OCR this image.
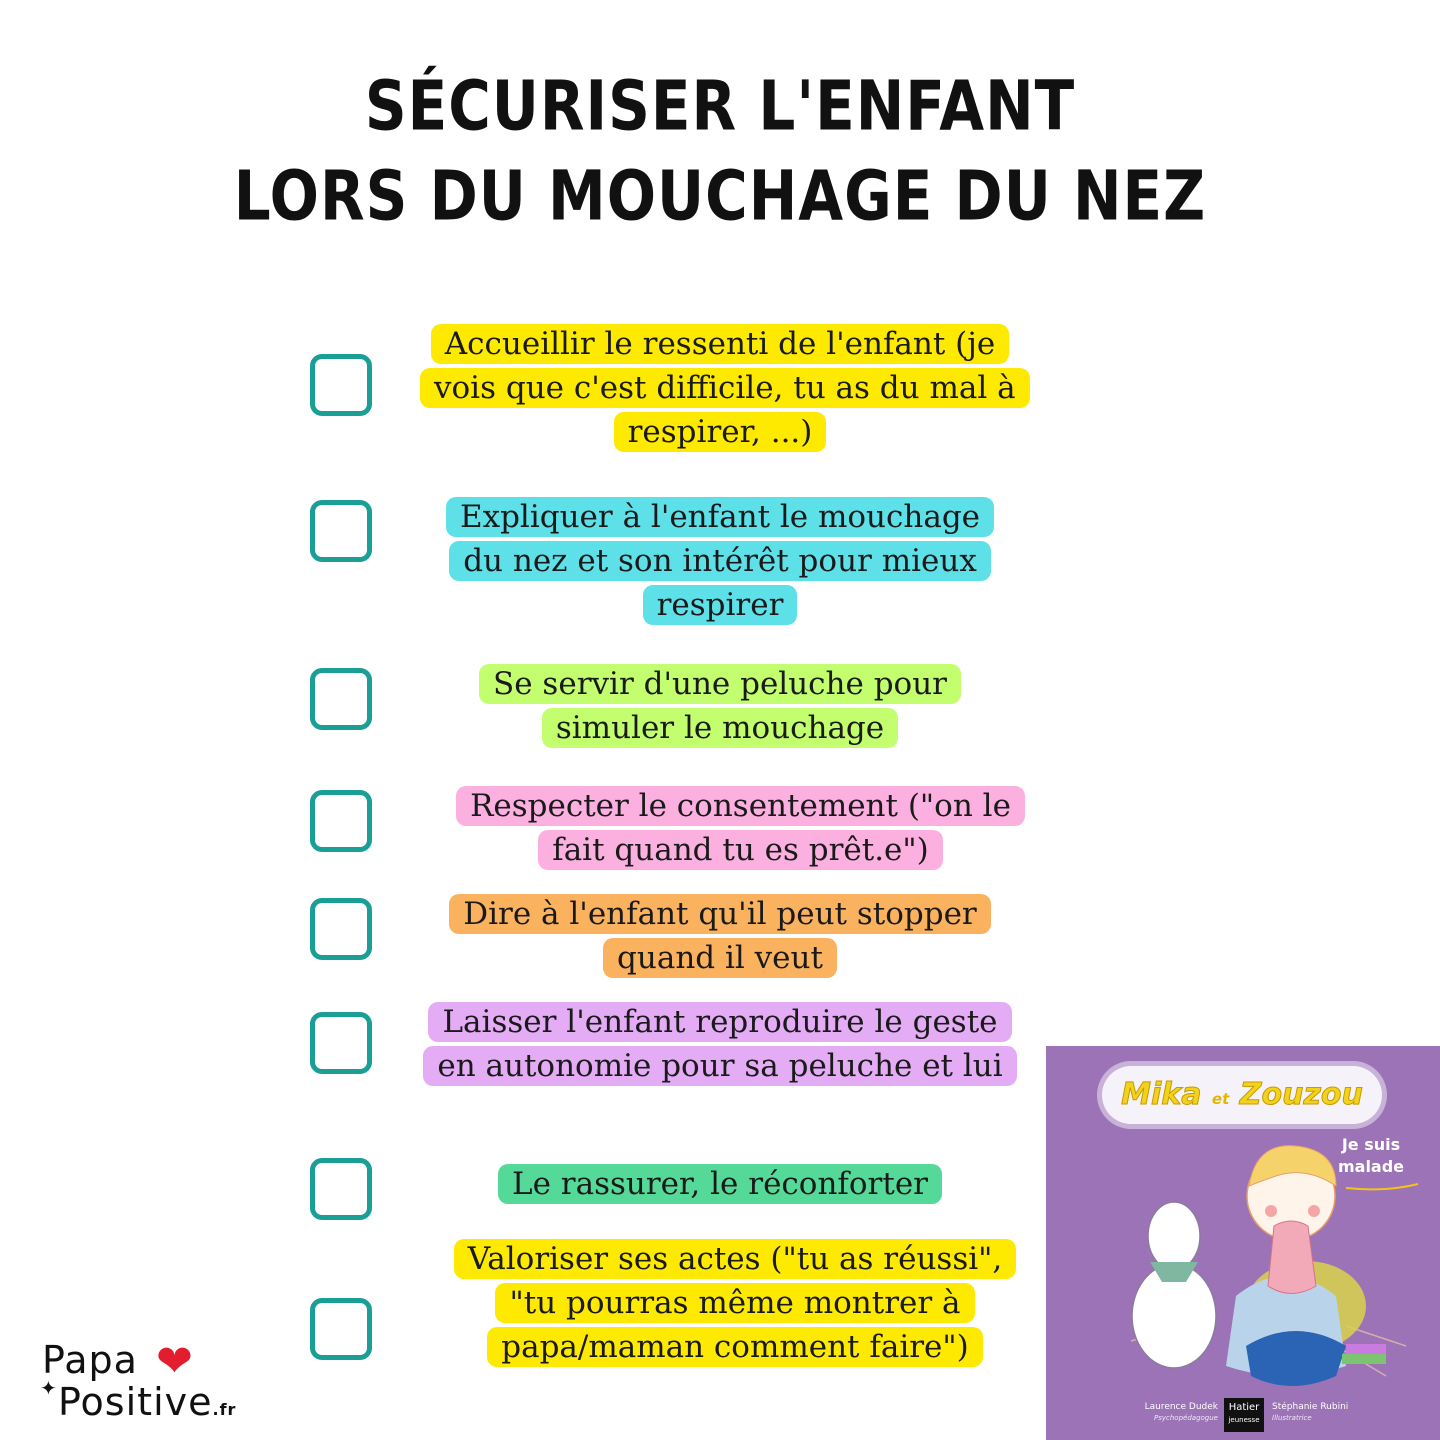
SÉCURISER L'ENFANT
LORS DU MOUCHAGE DU NEZ
Accueillir le ressenti de l'enfant (je vois que c'est difficile, tu as du mal à respirer, ...)
Expliquer à l'enfant le mouchage du nez et son intérêt pour mieux respirer
Se servir d'une peluche pour simuler le mouchage
Respecter le consentement ("on le fait quand tu es prêt.e")
Dire à l'enfant qu'il peut stopper quand il veut
Laisser l'enfant reproduire le geste en autonomie pour sa peluche et lui
Le rassurer, le réconforter
Valoriser ses actes ("tu as réussi", "tu pourras même montrer à papa/maman comment faire")
Mika et Zouzou
Je suis malade
Laurence Dudek
Psychopédagogue
Hatier
jeunesse
Stéphanie Rubini
Illustratrice
Papa ❤
✦ Positive.fr
